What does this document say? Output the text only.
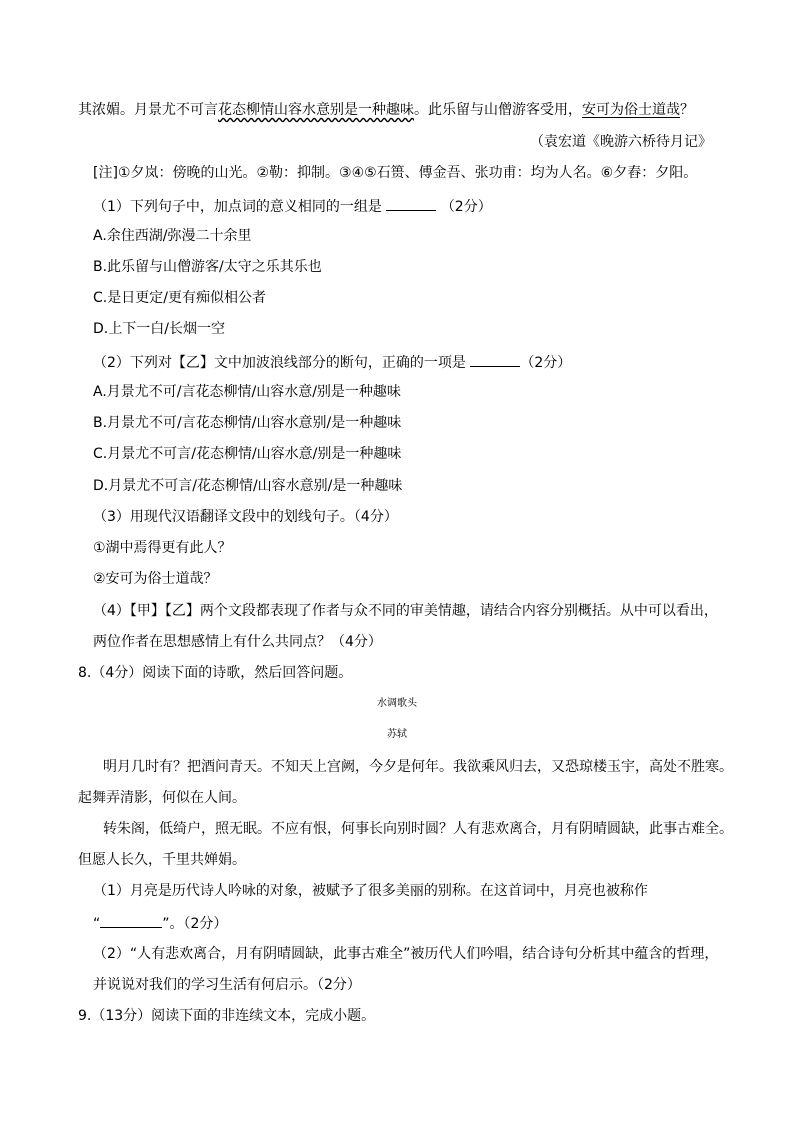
其浓媚。月景尤不可言花态柳情山容水意别是一种趣味。此乐留与山僧游客受用，安可为俗士道哉？
（袁宏道《晚游六桥待月记》
[注]①夕岚：傍晚的山光。②勒：抑制。③④⑤石篑、傅金吾、张功甫：均为人名。⑥夕舂：夕阳。
（1）下列句子中，加点词的意义相同的一组是	（2分）
A.余住西湖/弥漫二十余里
B.此乐留与山僧游客/太守之乐其乐也
C.是日更定/更有痴似相公者
D.上下一白/长烟一空
（2）下列对【乙】文中加波浪线部分的断句，正确的一项是	（2分）
A.月景尤不可/言花态柳情/山容水意/别是一种趣味
B.月景尤不可/言花态柳情/山容水意别/是一种趣味
C.月景尤不可言/花态柳情/山容水意/别是一种趣味
D.月景尤不可言/花态柳情/山容水意别/是一种趣味
（3）用现代汉语翻译文段中的划线句子。（4分）
①湖中焉得更有此人？
②安可为俗士道哉？
（4）【甲】【乙】两个文段都表现了作者与众不同的审美情趣，请结合内容分别概括。从中可以看出，
两位作者在思想感情上有什么共同点？（4分）
8.（4分）阅读下面的诗歌，然后回答问题。
水调歌头
苏轼
明月几时有？把酒问青天。不知天上宫阙，今夕是何年。我欲乘风归去，又恐琼楼玉宇，高处不胜寒。
起舞弄清影，何似在人间。
转朱阁，低绮户，照无眠。不应有恨，何事长向别时圆？人有悲欢离合，月有阴晴圆缺，此事古难全。
但愿人长久，千里共婵娟。
（1）月亮是历代诗人吟咏的对象，被赋予了很多美丽的别称。在这首词中，月亮也被称作
“	”。（2分）
（2）“人有悲欢离合，月有阴晴圆缺，此事古难全”被历代人们吟唱，结合诗句分析其中蕴含的哲理，
并说说对我们的学习生活有何启示。（2分）
9.（13分）阅读下面的非连续文本，完成小题。
